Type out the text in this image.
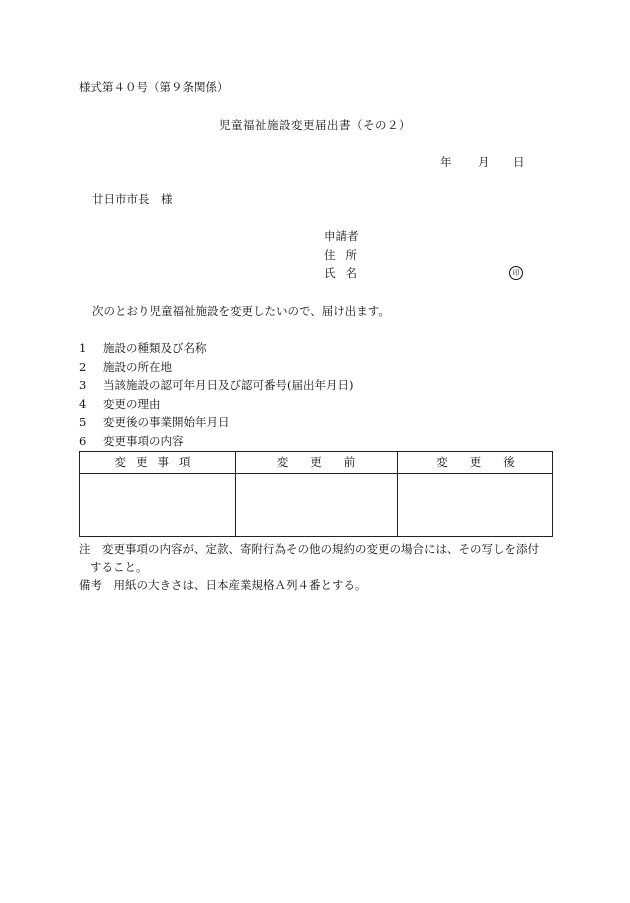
様式第４０号（第９条関係）
児童福祉施設変更届出書（その２）
年 月 日
廿日市市長　様
申請者
住所
氏名	印
次のとおり児童福祉施設を変更したいので、届け出ます。
1	施設の種類及び名称
2	施設の所在地
3	当該施設の認可年月日及び認可番号(届出年月日)
4	変更の理由
5	変更後の事業開始年月日
6	変更事項の内容
変更事項	変更前	変更後
注　変更事項の内容が、定款、寄附行為その他の規約の変更の場合には、その写しを添付
すること。
備考　用紙の大きさは、日本産業規格Ａ列４番とする。
